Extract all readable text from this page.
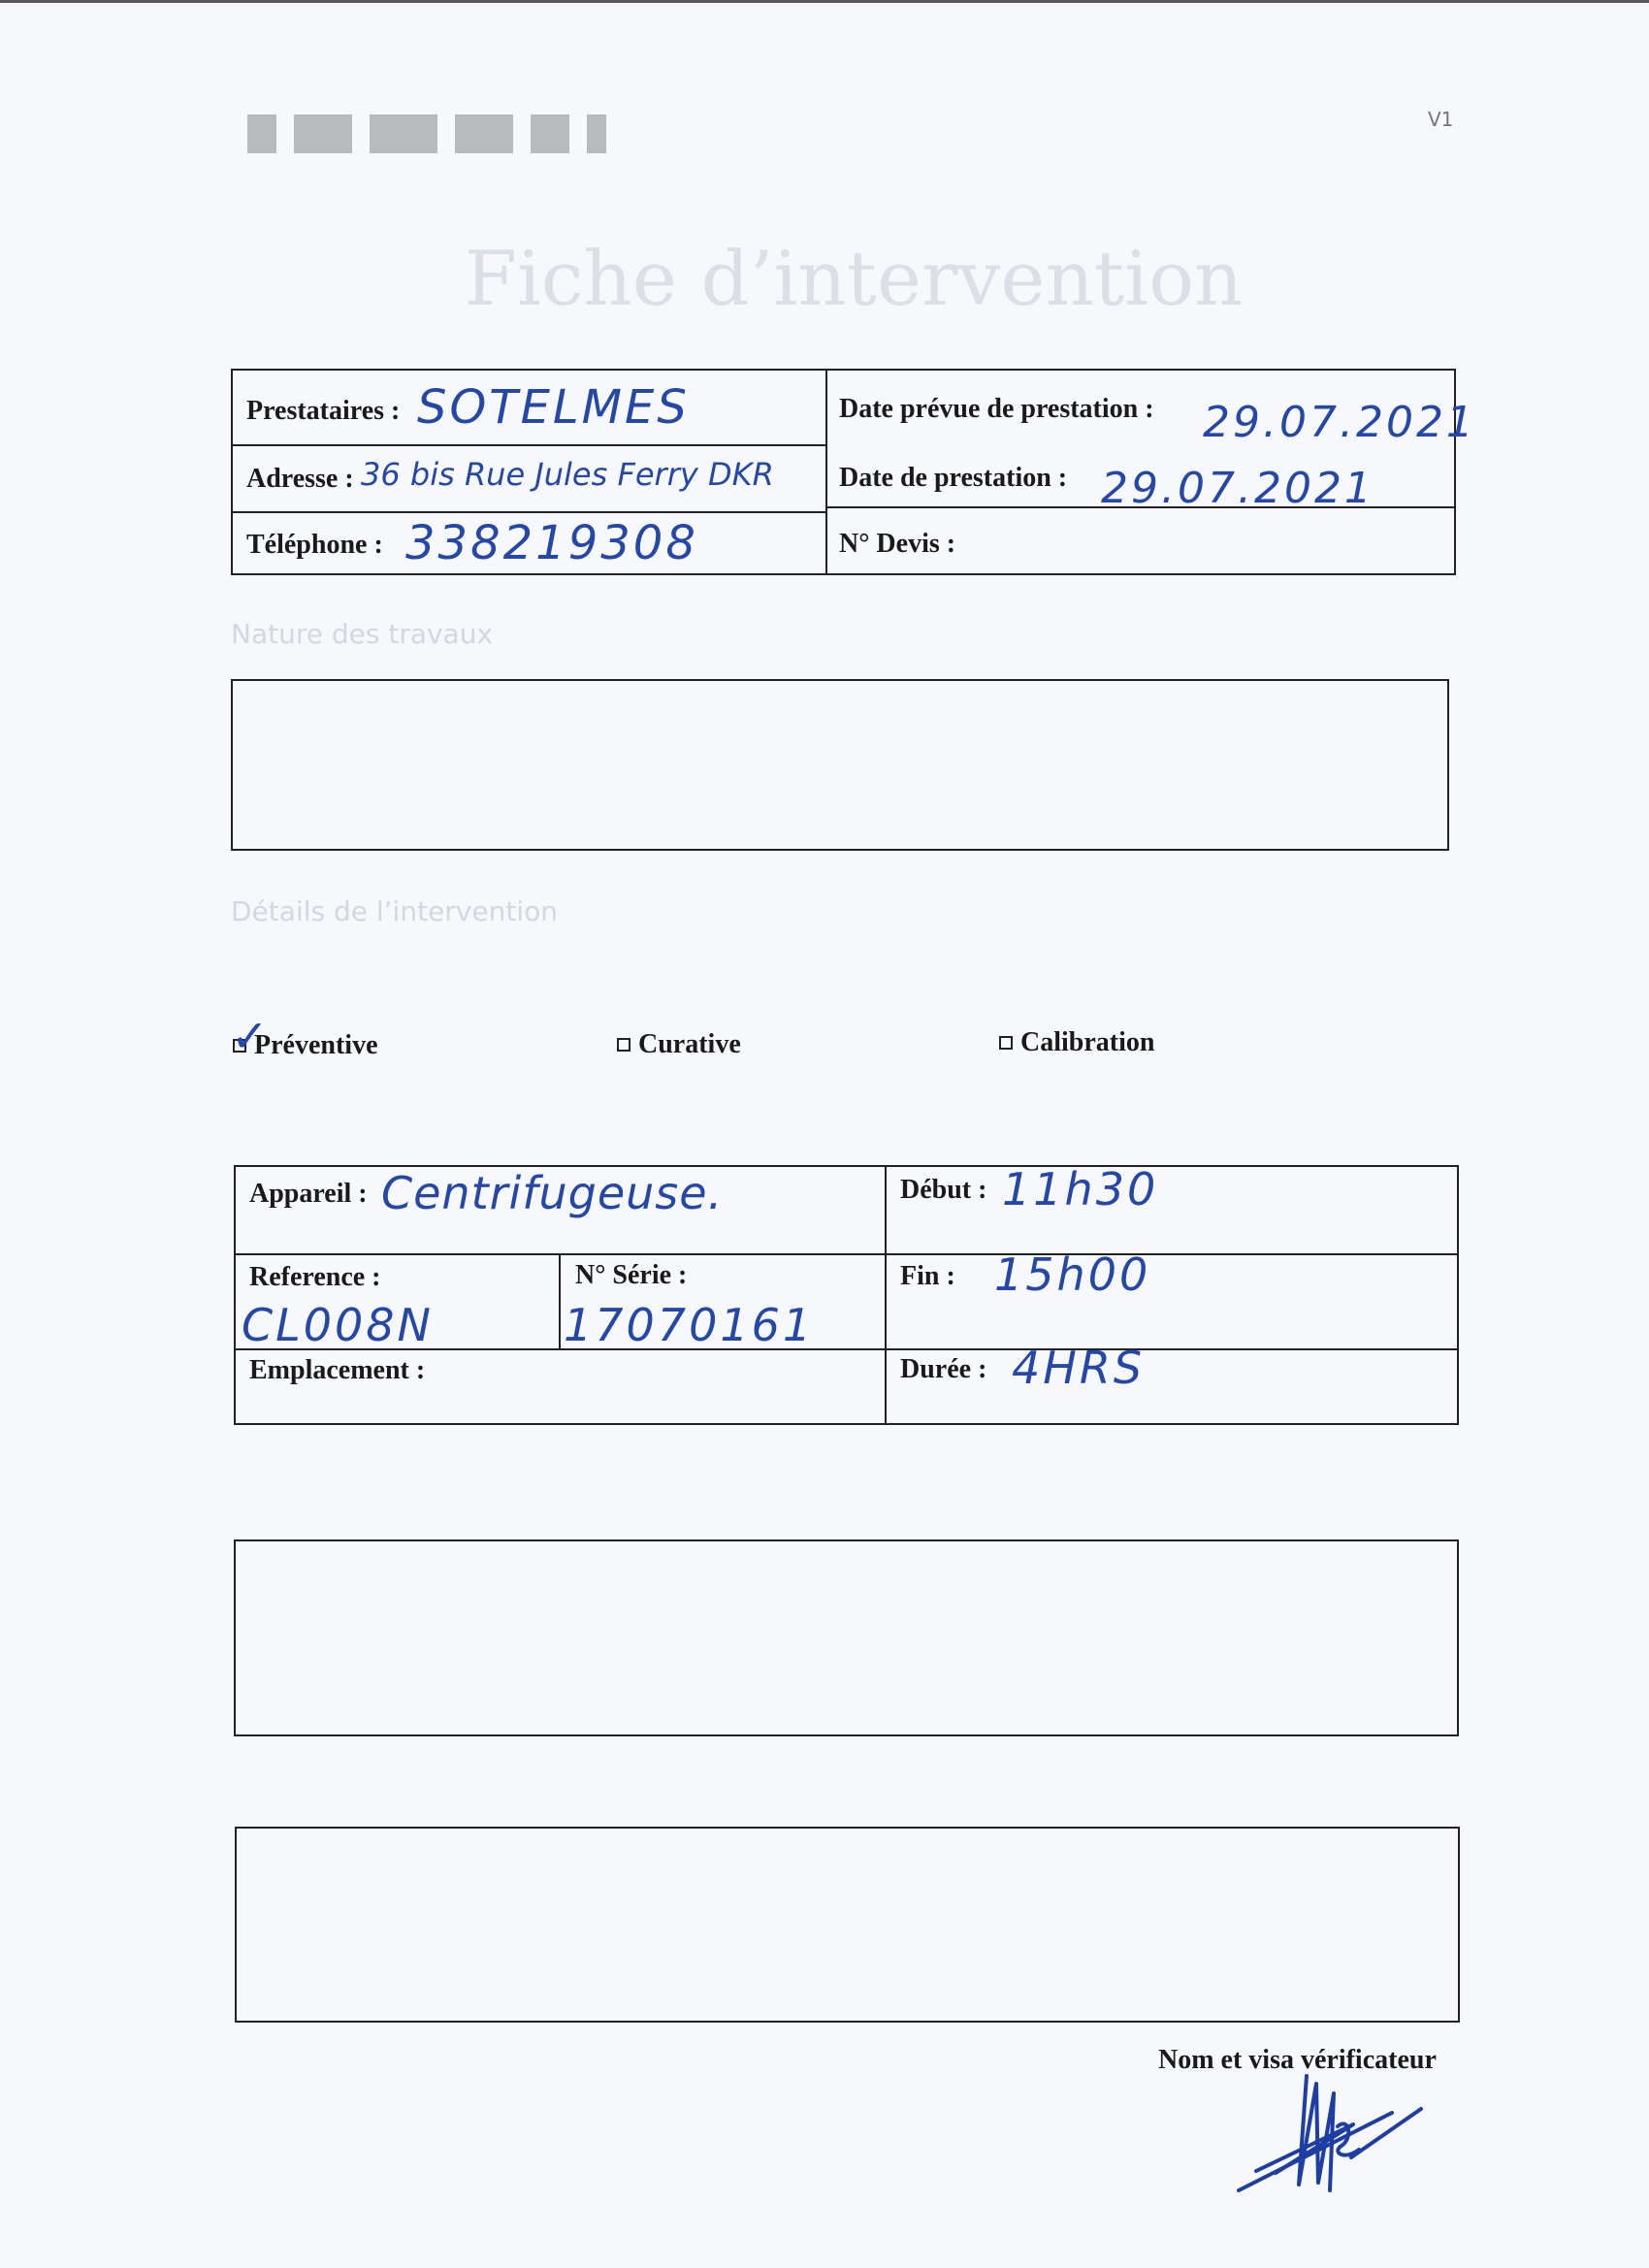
V1
Fiche d’intervention
Prestataires : SOTELMES
Adresse : 36 bis Rue Jules Ferry DKR
Téléphone : 338219308
Date prévue de prestation : 29.07.2021
Date de prestation : 29.07.2021
N° Devis :
Nature des travaux
Détails de l’intervention
Préventive
✓	Curative	Calibration
Appareil : Centrifugeuse.
Reference :
CL008N
N° Série :
17070161
Emplacement :
Début : 11h30
Fin : 15h00
Durée : 4HRS
Nom et visa vérificateur
